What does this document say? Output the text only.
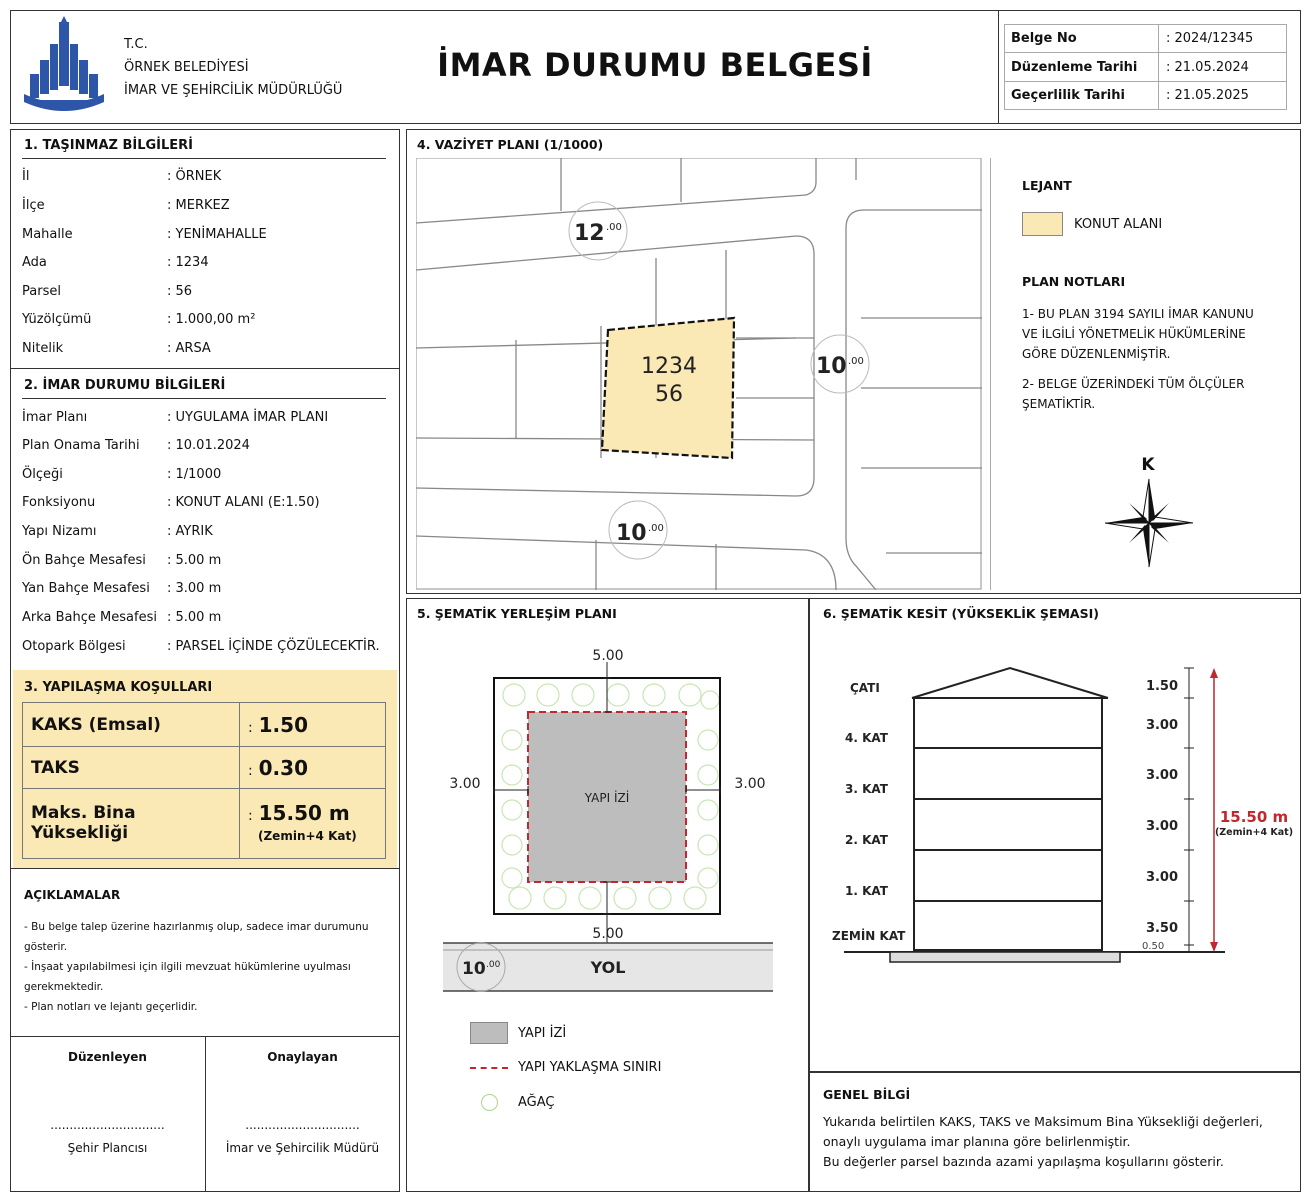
T.C.
ÖRNEK BELEDİYESİ
İMAR VE ŞEHİRCİLİK MÜDÜRLÜĞÜ
İMAR DURUMU BELGESİ
Belge No	: 2024/12345
Düzenleme Tarihi : 21.05.2024
Geçerlilik Tarihi	: 21.05.2025
1. TAŞINMAZ BİLGİLERİ
İl	: ÖRNEK
İlçe	: MERKEZ
Mahalle	: YENİMAHALLE
Ada	: 1234
Parsel	: 56
Yüzölçümü	: 1.000,00 m²
Nitelik	: ARSA
2. İMAR DURUMU BİLGİLERİ
İmar Planı	: UYGULAMA İMAR PLANI
Plan Onama Tarihi : 10.01.2024
Ölçeği	: 1/1000
Fonksiyonu	: KONUT ALANI (E:1.50)
Yapı Nizamı	: AYRIK
Ön Bahçe Mesafesi : 5.00 m
Yan Bahçe Mesafesi : 3.00 m
Arka Bahçe Mesafesi : 5.00 m
Otopark Bölgesi	: PARSEL İÇİNDE ÇÖZÜLECEKTİR.
3. YAPILAŞMA KOŞULLARI
KAKS (Emsal)	: 1.50
TAKS	: 0.30
Maks. Bina Yüksekliği	: 15.50 m
(Zemin+4 Kat)
AÇIKLAMALAR
- Bu belge talep üzerine hazırlanmış olup, sadece imar durumunu
gösterir.
- İnşaat yapılabilmesi için ilgili mevzuat hükümlerine uyulması
gerekmektedir.
- Plan notları ve lejantı geçerlidir.
Düzenleyen
..............................
Şehir Plancısı
Onaylayan
..............................
İmar ve Şehircilik Müdürü
4. VAZİYET PLANI (1/1000)
1234
56
12 .00
10 .00
10 .00
LEJANT
KONUT ALANI
PLAN NOTLARI
1- BU PLAN 3194 SAYILI İMAR KANUNU
VE İLGİLİ YÖNETMELİK HÜKÜMLERİNE
GÖRE DÜZENLENMİŞTİR.
2- BELGE ÜZERİNDEKİ TÜM ÖLÇÜLER
ŞEMATİKTİR.
K
5. ŞEMATİK YERLEŞİM PLANI
YAPI İZİ
5.00
5.00
3.00	3.00
YOL
10 .00
YAPI İZİ
YAPI YAKLAŞMA SINIRI
AĞAÇ
6. ŞEMATİK KESİT (YÜKSEKLİK ŞEMASI)
ÇATI
4. KAT
3. KAT
2. KAT
1. KAT
ZEMİN KAT
1.50
3.00
3.00
3.00
3.00
3.50
0.50
15.50 m
(Zemin+4 Kat)
GENEL BİLGİ
Yukarıda belirtilen KAKS, TAKS ve Maksimum Bina Yüksekliği değerleri,
onaylı uygulama imar planına göre belirlenmiştir.
Bu değerler parsel bazında azami yapılaşma koşullarını gösterir.
